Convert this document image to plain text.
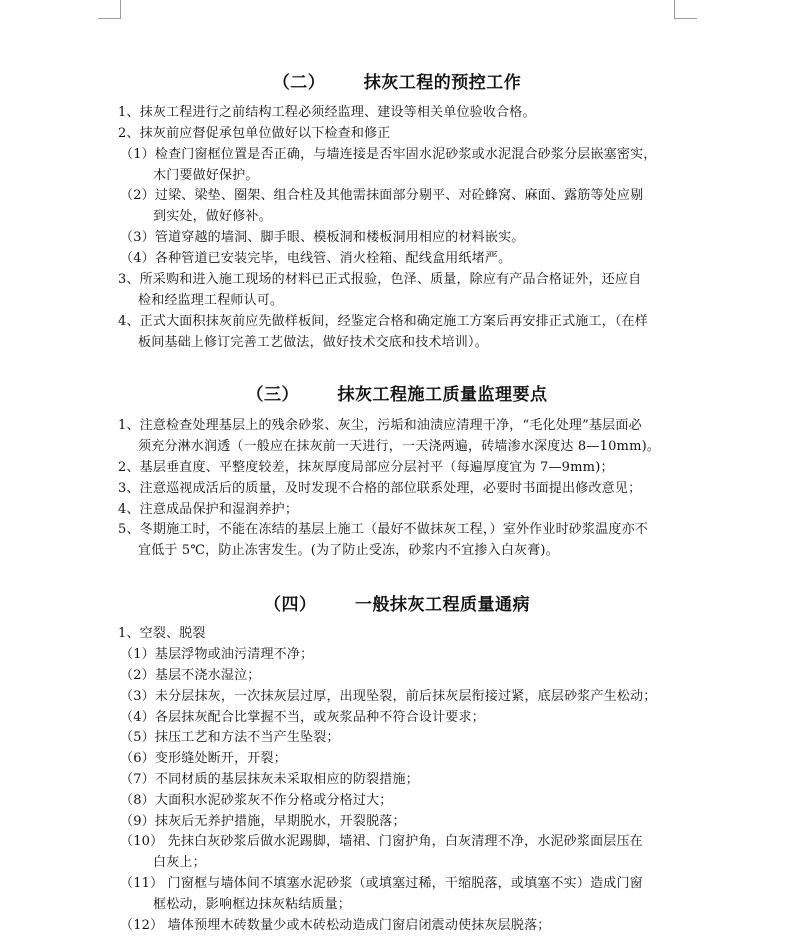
（二）      抹灰工程的预控工作
1、抹灰工程进行之前结构工程必须经监理、建设等相关单位验收合格。
2、抹灰前应督促承包单位做好以下检查和修正
（1）检查门窗框位置是否正确，与墙连接是否牢固水泥砂浆或水泥混合砂浆分层嵌塞密实，
木门要做好保护。
（2）过梁、梁垫、圈架、组合柱及其他需抹面部分剔平、对砼蜂窝、麻面、露筋等处应剔
到实处，做好修补。
（3）管道穿越的墙洞、脚手眼、模板洞和楼板洞用相应的材料嵌实。
（4）各种管道已安装完毕，电线管、消火栓箱、配线盒用纸堵严。
3、所采购和进入施工现场的材料已正式报验，色泽、质量，除应有产品合格证外，还应自
检和经监理工程师认可。
4、正式大面积抹灰前应先做样板间，经鉴定合格和确定施工方案后再安排正式施工，（在样
板间基础上修订完善工艺做法，做好技术交底和技术培训）。
（三）      抹灰工程施工质量监理要点
1、注意检查处理基层上的残余砂浆、灰尘，污垢和油渍应清理干净，“毛化处理”基层面必
须充分淋水润透（一般应在抹灰前一天进行，一天浇两遍，砖墙渗水深度达 8—10mm)。
2、基层垂直度、平整度较差，抹灰厚度局部应分层衬平（每遍厚度宜为 7—9mm)；
3、注意巡视成活后的质量，及时发现不合格的部位联系处理，必要时书面提出修改意见；
4、注意成品保护和湿润养护；
5、冬期施工时，不能在冻结的基层上施工（最好不做抹灰工程，）室外作业时砂浆温度亦不
宜低于 5℃，防止冻害发生。(为了防止受冻，砂浆内不宜掺入白灰膏)。
（四）      一般抹灰工程质量通病
1、空裂、脱裂
（1）基层浮物或油污清理不净；
（2）基层不浇水湿泣；
（3）未分层抹灰，一次抹灰层过厚，出现坠裂，前后抹灰层衔接过紧，底层砂浆产生松动；
（4）各层抹灰配合比掌握不当，或灰浆品种不符合设计要求；
（5）抹压工艺和方法不当产生坠裂；
（6）变形缝处断开，开裂；
（7）不同材质的基层抹灰未采取相应的防裂措施；
（8）大面积水泥砂浆灰不作分格或分格过大；
（9）抹灰后无养护措施，早期脱水，开裂脱落；
（10） 先抹白灰砂浆后做水泥踢脚，墙裙、门窗护角，白灰清理不净，水泥砂浆面层压在
白灰上；
（11） 门窗框与墙体间不填塞水泥砂浆（或填塞过稀，干缩脱落，或填塞不实）造成门窗
框松动，影响框边抹灰粘结质量；
（12） 墙体预埋木砖数量少或木砖松动造成门窗启闭震动使抹灰层脱落；
